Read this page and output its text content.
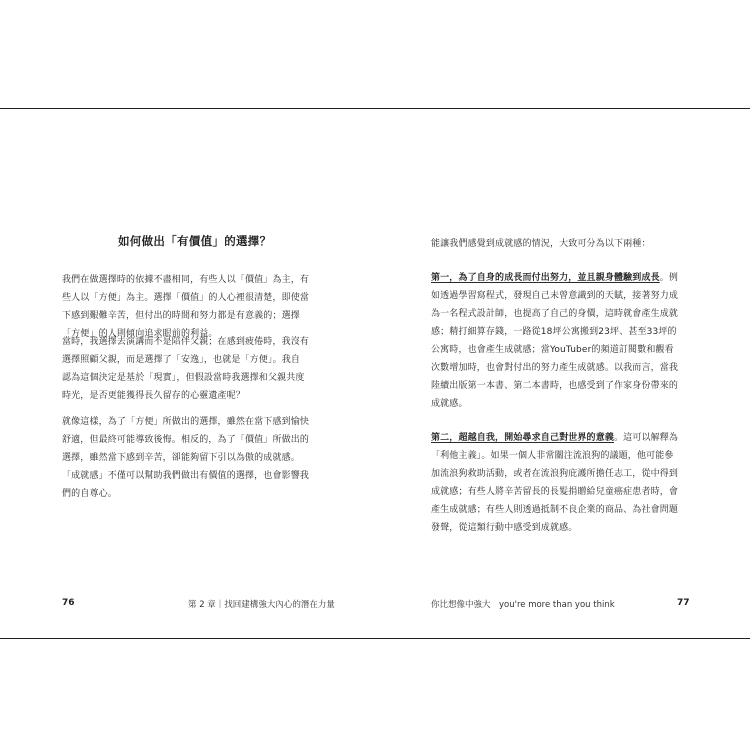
如何做出「有價值」的選擇？

我們在做選擇時的依據不盡相同，有些人以「價值」為主，有

些人以「方便」為主。選擇「價值」的人心裡很清楚，即使當

下感到艱難辛苦，但付出的時間和努力都是有意義的；選擇

「方便」的人則傾向追求眼前的利益。

當時，我選擇去演講而不是陪伴父親；在感到疲倦時，我沒有

選擇照顧父親，而是選擇了「安逸」，也就是「方便」。我自

認為這個決定是基於「現實」，但假設當時我選擇和父親共度

時光，是否更能獲得長久留存的心靈遺產呢？

就像這樣，為了「方便」所做出的選擇，雖然在當下感到愉快

舒適，但最終可能導致後悔。相反的，為了「價值」所做出的

選擇，雖然當下感到辛苦，卻能夠留下引以為傲的成就感。

「成就感」不僅可以幫助我們做出有價值的選擇，也會影響我

們的自尊心。

76	第 2 章｜找回建構強大內心的潛在力量

能讓我們感覺到成就感的情況，大致可分為以下兩種：

第一，為了自身的成長而付出努力，並且親身體驗到成長。例

如透過學習寫程式，發現自己未曾意識到的天賦，接著努力成

為一名程式設計師，也提高了自己的身價，這時就會產生成就

感；精打細算存錢，一路從18坪公寓搬到23坪、甚至33坪的

公寓時，也會產生成就感；當YouTuber的頻道訂閱數和觀看

次數增加時，也會對付出的努力產生成就感。以我而言，當我

陸續出版第一本書、第二本書時，也感受到了作家身份帶來的

成就感。

第二，超越自我，開始尋求自己對世界的意義。這可以解釋為

「利他主義」。如果一個人非常關注流浪狗的議題，他可能參

加流浪狗救助活動，或者在流浪狗庇護所擔任志工，從中得到

成就感；有些人將辛苦留長的長髮捐贈給兒童癌症患者時，會

產生成就感；有些人則透過抵制不良企業的商品、為社會問題

發聲，從這類行動中感受到成就感。

你比想像中強大　you're more than you think	77
